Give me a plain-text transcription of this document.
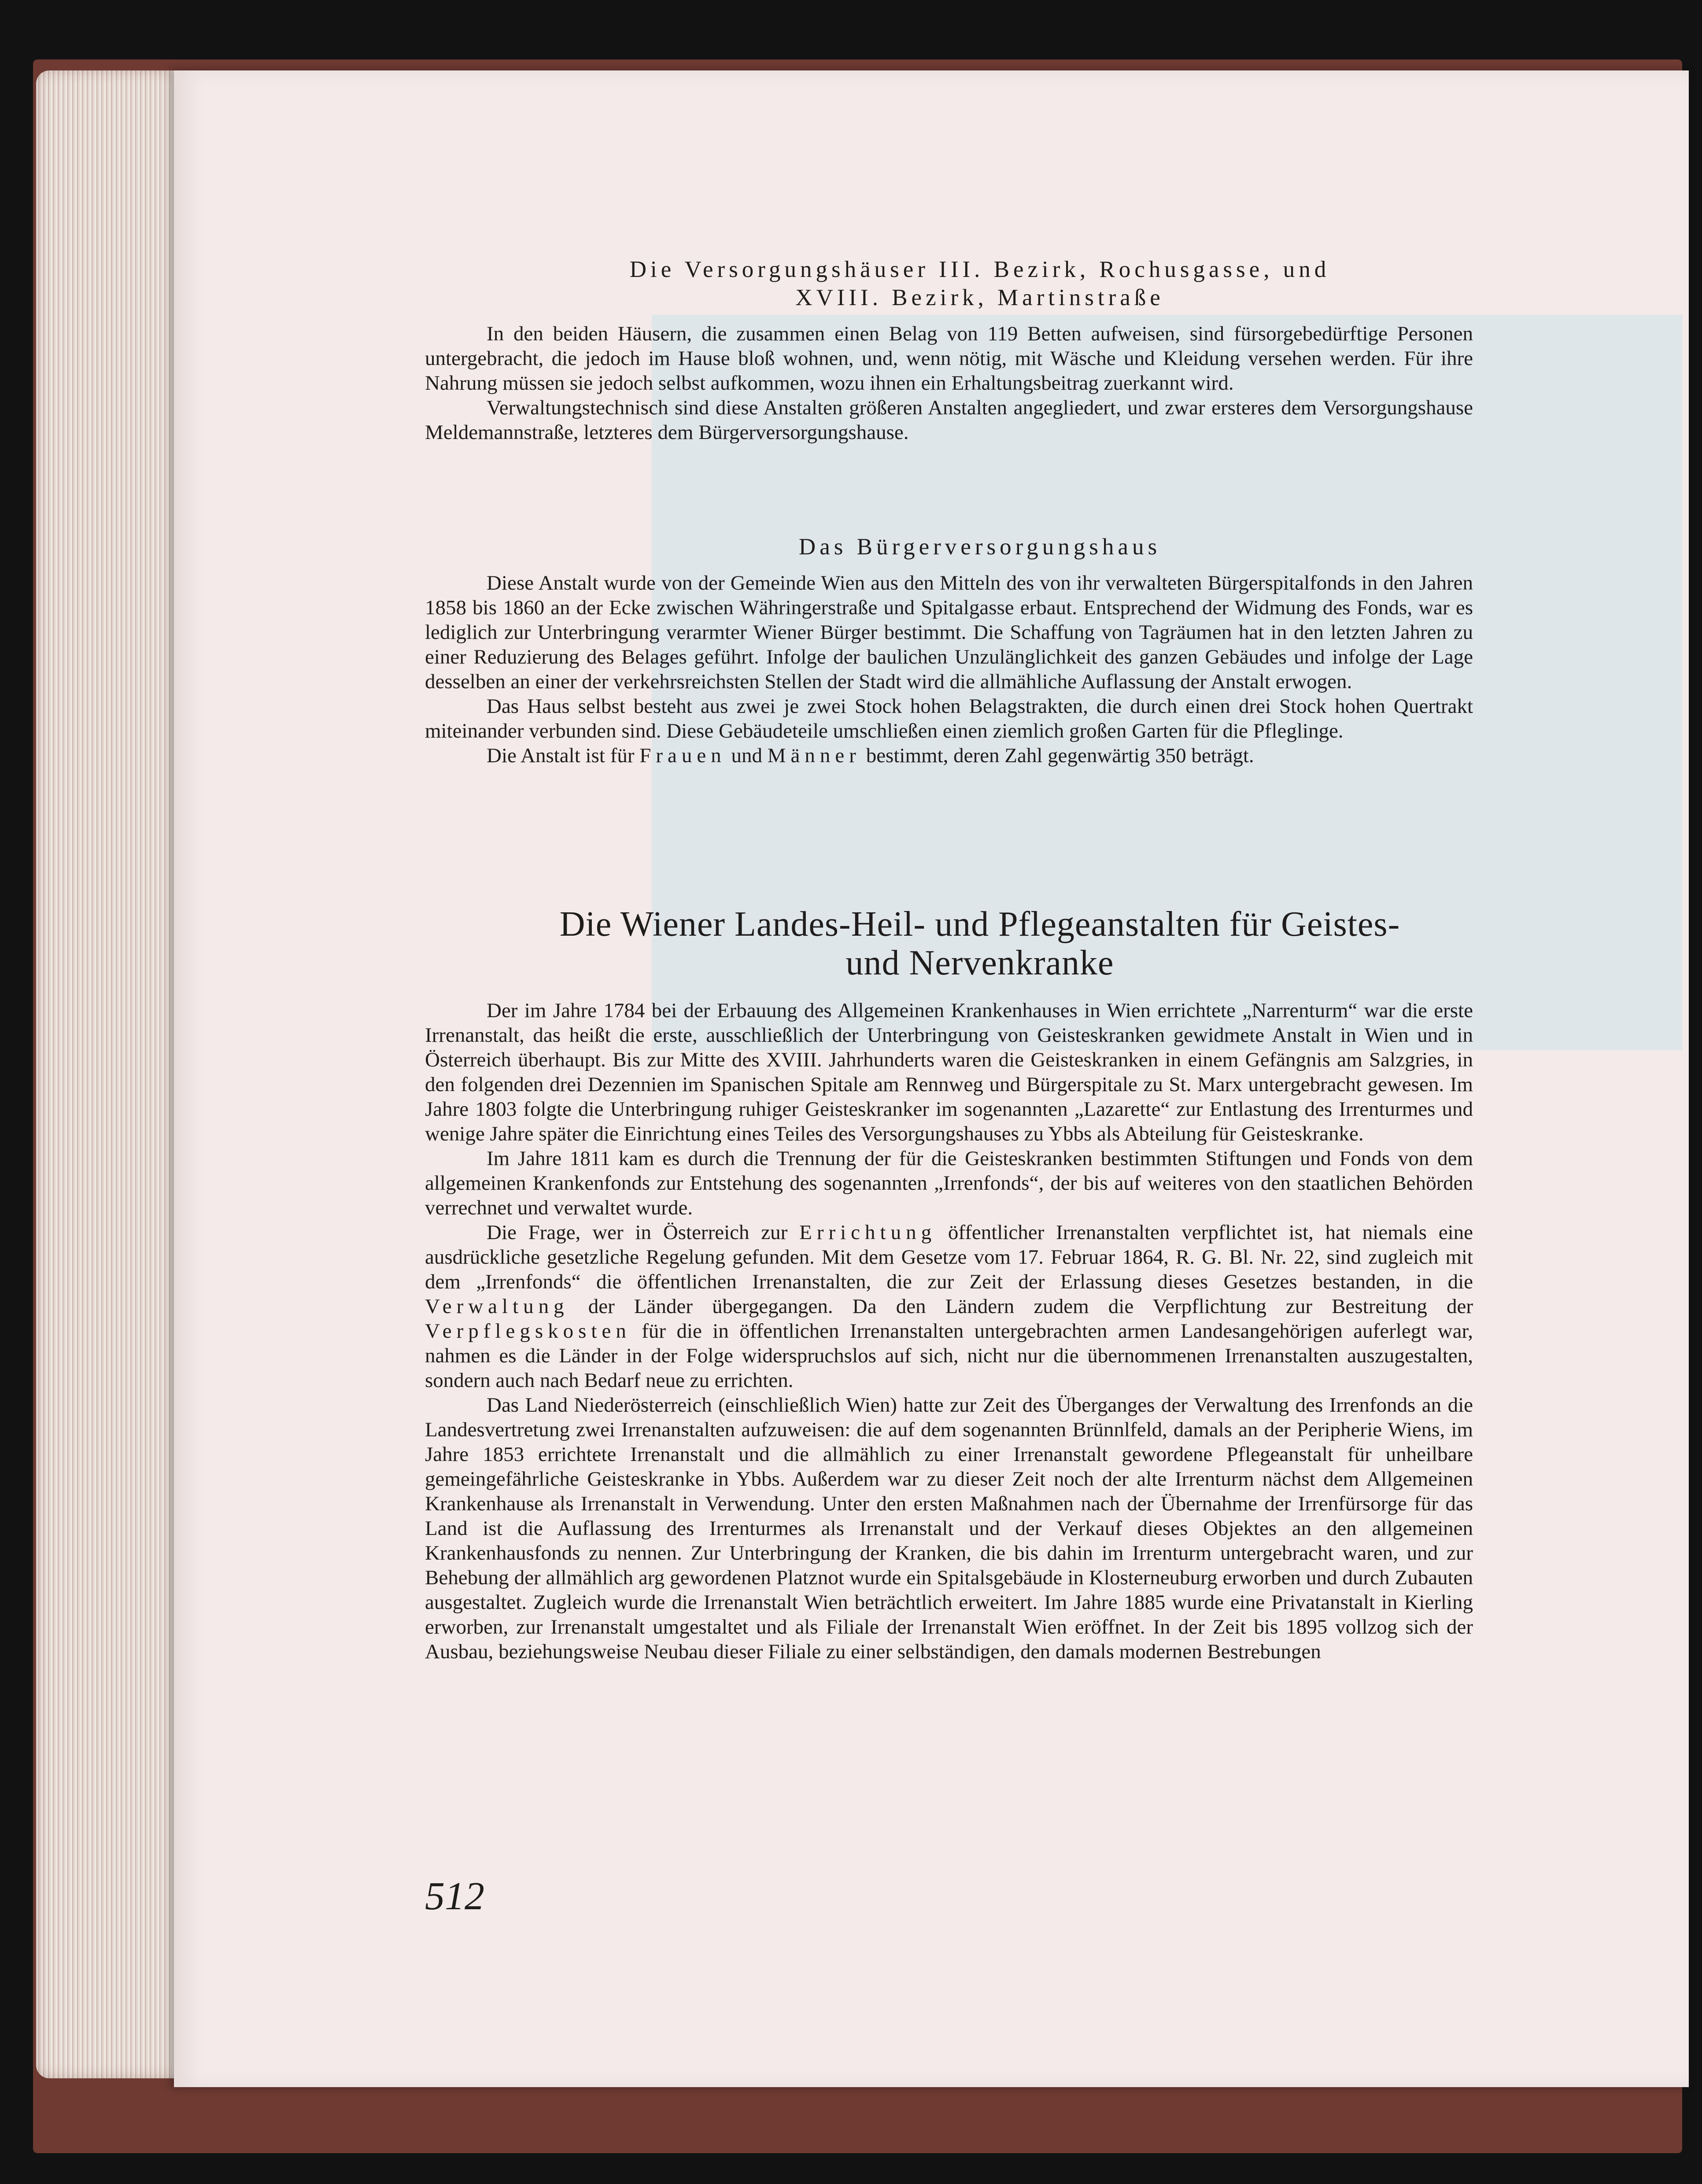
Die Versorgungshäuser III. Bezirk, Rochusgasse, und

XVIII. Bezirk, Martinstraße

In den beiden Häusern, die zusammen einen Belag von 119 Betten aufweisen, sind fürsorgebedürftige Personen untergebracht, die jedoch im Hause bloß wohnen, und, wenn nötig, mit Wäsche und Kleidung versehen werden. Für ihre Nahrung müssen sie jedoch selbst aufkommen, wozu ihnen ein Erhaltungsbeitrag zuerkannt wird.

Verwaltungstechnisch sind diese Anstalten größeren Anstalten angegliedert, und zwar ersteres dem Versorgungshause Meldemannstraße, letzteres dem Bürgerversorgungshause.

Das Bürgerversorgungshaus

Diese Anstalt wurde von der Gemeinde Wien aus den Mitteln des von ihr verwalteten Bürgerspitalfonds in den Jahren 1858 bis 1860 an der Ecke zwischen Währingerstraße und Spitalgasse erbaut. Entsprechend der Widmung des Fonds, war es lediglich zur Unterbringung verarmter Wiener Bürger bestimmt. Die Schaffung von Tagräumen hat in den letzten Jahren zu einer Reduzierung des Belages geführt. Infolge der baulichen Unzulänglichkeit des ganzen Gebäudes und infolge der Lage desselben an einer der verkehrsreichsten Stellen der Stadt wird die allmähliche Auflassung der Anstalt erwogen.

Das Haus selbst besteht aus zwei je zwei Stock hohen Belagstrakten, die durch einen drei Stock hohen Quertrakt miteinander verbunden sind. Diese Gebäudeteile umschließen einen ziemlich großen Garten für die Pfleglinge.

Die Anstalt ist für Frauen und Männer bestimmt, deren Zahl gegenwärtig 350 beträgt.

Die Wiener Landes-Heil- und Pflegeanstalten für Geistes-

und Nervenkranke

Der im Jahre 1784 bei der Erbauung des Allgemeinen Krankenhauses in Wien errichtete „Narrenturm“ war die erste Irrenanstalt, das heißt die erste, ausschließlich der Unterbringung von Geisteskranken gewidmete Anstalt in Wien und in Österreich überhaupt. Bis zur Mitte des XVIII. Jahrhunderts waren die Geisteskranken in einem Gefängnis am Salzgries, in den folgenden drei Dezennien im Spanischen Spitale am Rennweg und Bürgerspitale zu St. Marx untergebracht gewesen. Im Jahre 1803 folgte die Unterbringung ruhiger Geisteskranker im sogenannten „Lazarette“ zur Entlastung des Irrenturmes und wenige Jahre später die Einrichtung eines Teiles des Versorgungshauses zu Ybbs als Abteilung für Geisteskranke.

Im Jahre 1811 kam es durch die Trennung der für die Geisteskranken bestimmten Stiftungen und Fonds von dem allgemeinen Krankenfonds zur Entstehung des sogenannten „Irrenfonds“, der bis auf weiteres von den staatlichen Behörden verrechnet und verwaltet wurde.

Die Frage, wer in Österreich zur Errichtung öffentlicher Irrenanstalten verpflichtet ist, hat niemals eine ausdrückliche gesetzliche Regelung gefunden. Mit dem Gesetze vom 17. Februar 1864, R. G. Bl. Nr. 22, sind zugleich mit dem „Irrenfonds“ die öffentlichen Irrenanstalten, die zur Zeit der Erlassung dieses Gesetzes bestanden, in die Verwaltung der Länder übergegangen. Da den Ländern zudem die Verpflichtung zur Bestreitung der Verpflegskosten für die in öffentlichen Irrenanstalten untergebrachten armen Landesangehörigen auferlegt war, nahmen es die Länder in der Folge widerspruchslos auf sich, nicht nur die übernommenen Irrenanstalten auszugestalten, sondern auch nach Bedarf neue zu errichten.

Das Land Niederösterreich (einschließlich Wien) hatte zur Zeit des Überganges der Verwaltung des Irrenfonds an die Landesvertretung zwei Irrenanstalten aufzuweisen: die auf dem sogenannten Brünnlfeld, damals an der Peripherie Wiens, im Jahre 1853 errichtete Irrenanstalt und die allmählich zu einer Irrenanstalt gewordene Pflegeanstalt für unheilbare gemeingefährliche Geisteskranke in Ybbs. Außerdem war zu dieser Zeit noch der alte Irrenturm nächst dem Allgemeinen Krankenhause als Irrenanstalt in Verwendung. Unter den ersten Maßnahmen nach der Übernahme der Irrenfürsorge für das Land ist die Auflassung des Irrenturmes als Irrenanstalt und der Verkauf dieses Objektes an den allgemeinen Krankenhausfonds zu nennen. Zur Unterbringung der Kranken, die bis dahin im Irrenturm untergebracht waren, und zur Behebung der allmählich arg gewordenen Platznot wurde ein Spitalsgebäude in Klosterneuburg erworben und durch Zubauten ausgestaltet. Zugleich wurde die Irrenanstalt Wien beträchtlich erweitert. Im Jahre 1885 wurde eine Privatanstalt in Kierling erworben, zur Irrenanstalt umgestaltet und als Filiale der Irrenanstalt Wien eröffnet. In der Zeit bis 1895 vollzog sich der Ausbau, beziehungsweise Neubau dieser Filiale zu einer selbständigen, den damals modernen Bestrebungen

512
